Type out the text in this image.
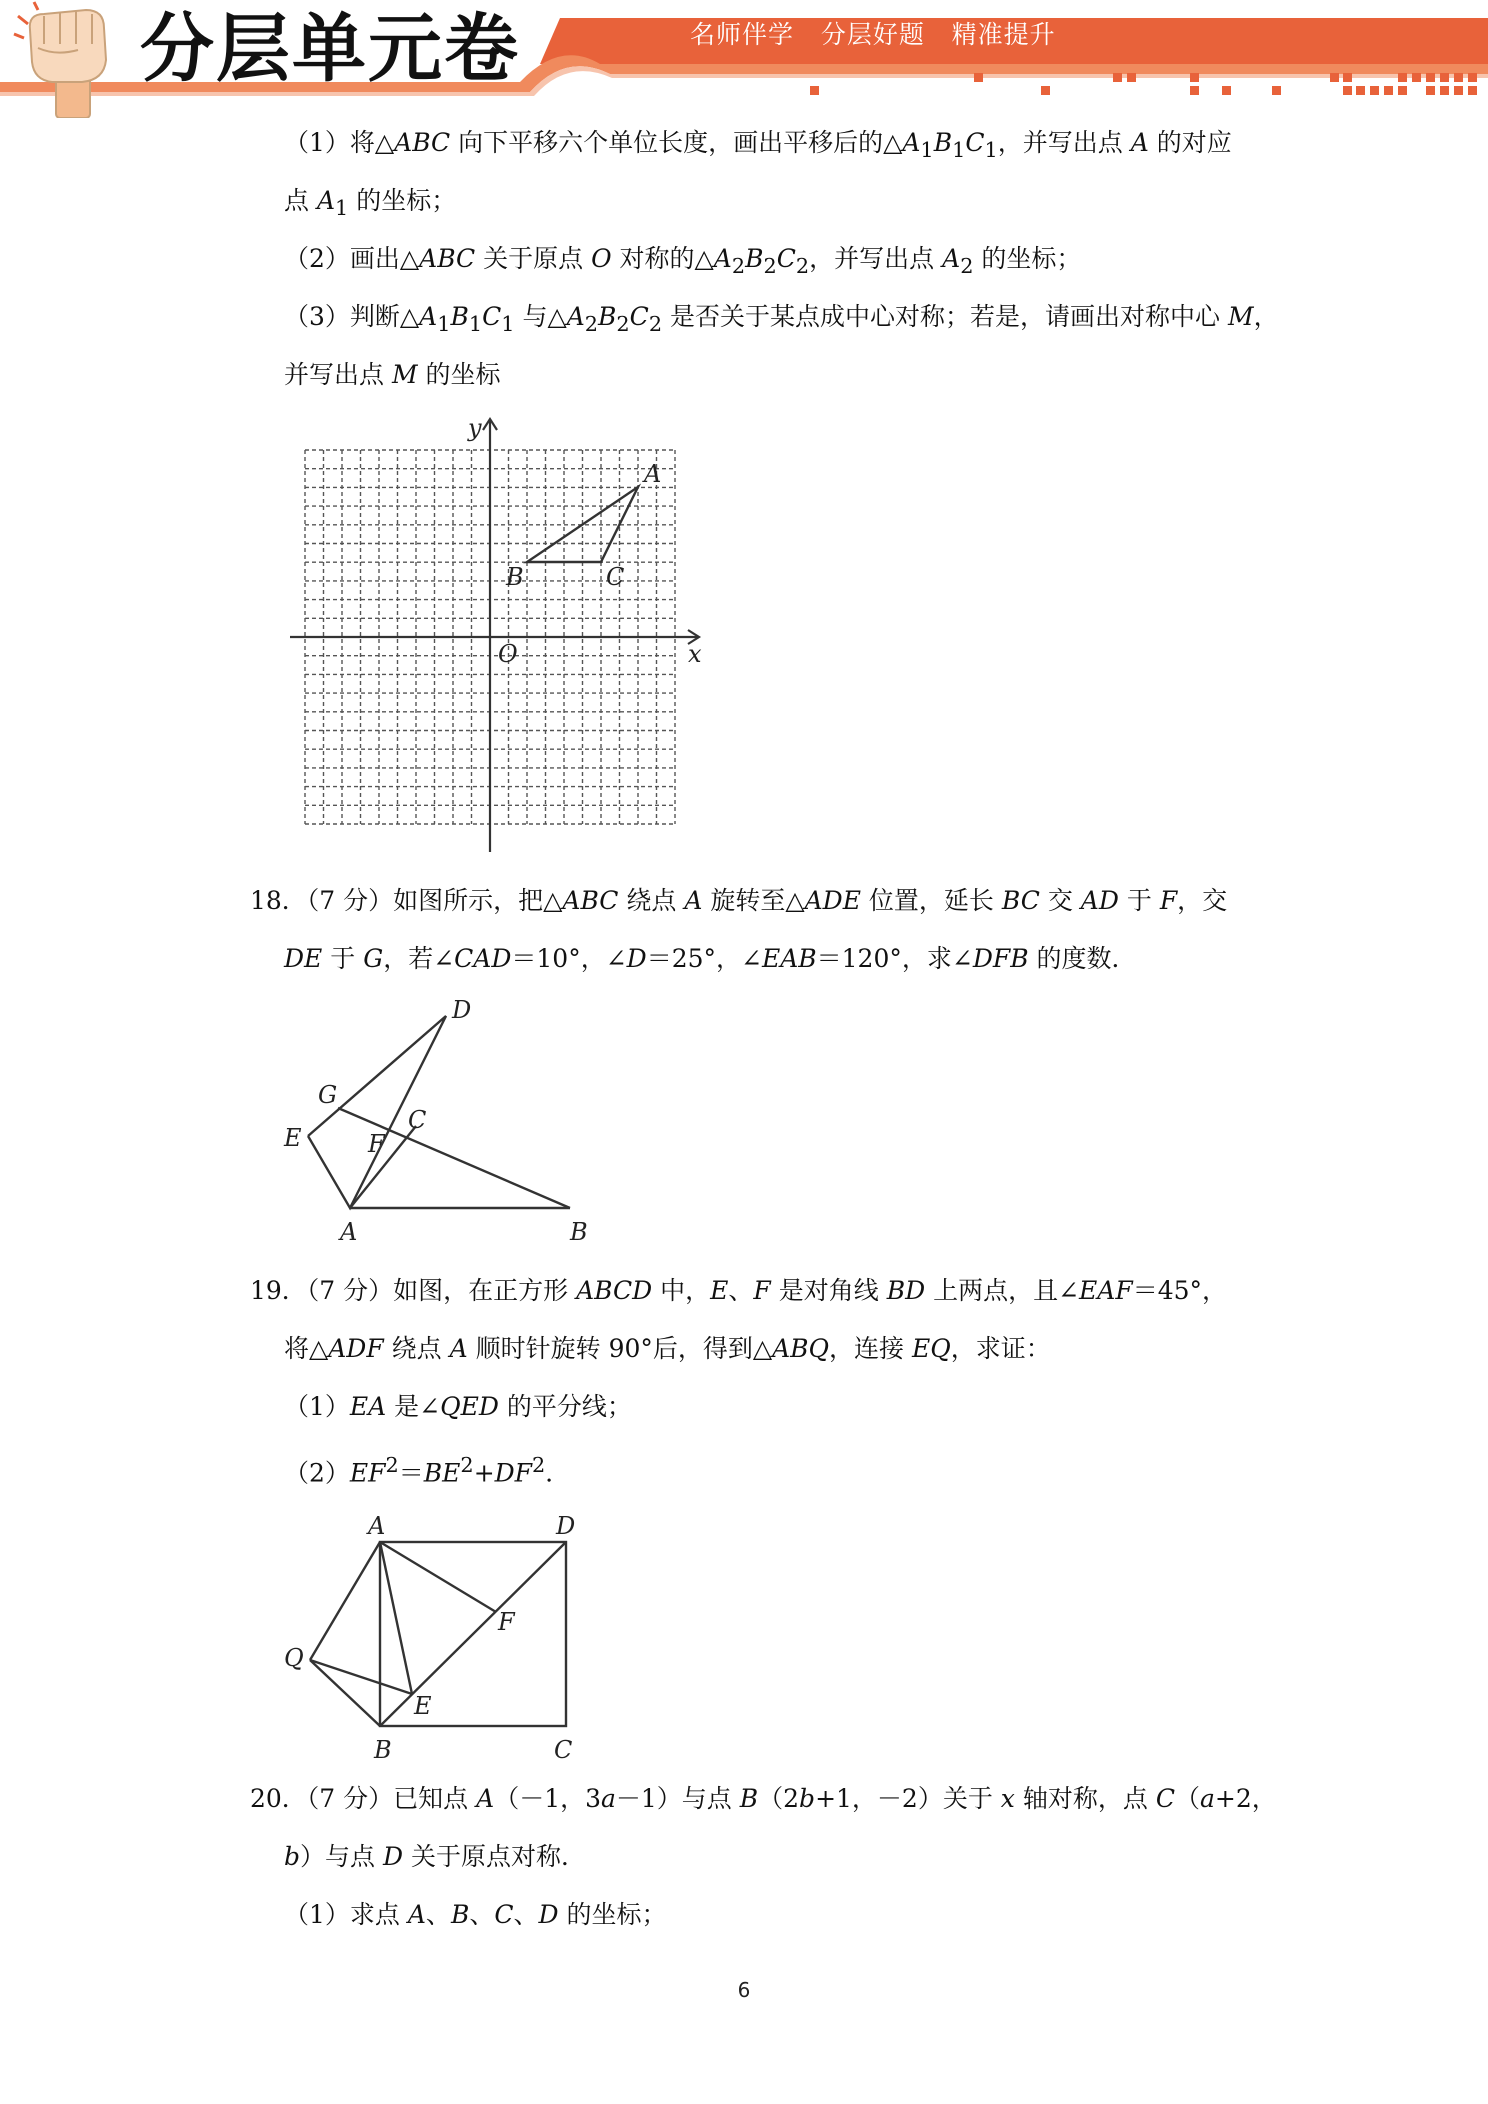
分层单元卷	名师伴学   分层好题   精准提升
（1）将△ABC 向下平移六个单位长度，画出平移后的$\triangle A_1B_1C_1$，并写出点 A 的对应
点 $A_1$ 的坐标；
（2）画出△ABC 关于原点 O 对称的$\triangle A_2B_2C_2$，并写出点 $A_2$ 的坐标；
（3）判断$\triangle A_1B_1C_1$ 与$\triangle A_2B_2C_2$ 是否关于某点成中心对称；若是，请画出对称中心 M，
并写出点 M 的坐标
y
x
O
A
B	C
18．（7 分）如图所示，把△ABC 绕点 A 旋转至△ADE 位置，延长 BC 交 AD 于 F，交
DE 于 G，若∠CAD＝10°，∠D＝25°，∠EAB＝120°，求∠DFB 的度数．
D
G
C
E	F
A	B
19．（7 分）如图，在正方形 ABCD 中，E、F 是对角线 BD 上两点，且∠EAF＝45°，
将△ADF 绕点 A 顺时针旋转 90°后，得到△ABQ，连接 EQ，求证：
（1）EA 是∠QED 的平分线；
$(2)EF^2=BE^2+DF^2$．
A	D
F
Q
E
B	C
20．（7 分）已知点 A（－1，3a－1）与点 B（2b+1，－2）关于 x 轴对称，点 C（a+2，
b）与点 D 关于原点对称．
（1）求点 A、B、C、D 的坐标；
6
